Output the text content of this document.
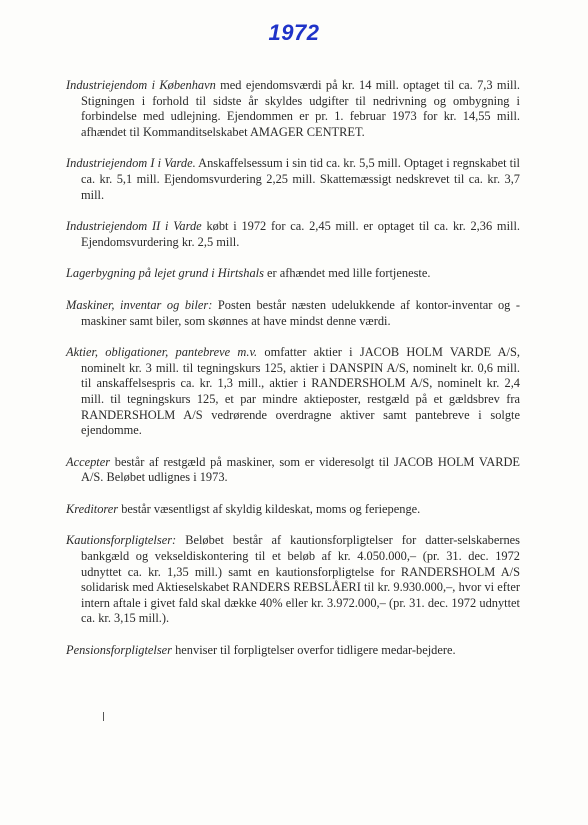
1972

Industriejendom i København med ejendomsværdi på kr. 14 mill. optaget til ca. 7,3 mill. Stigningen i forhold til sidste år skyldes udgifter til nedrivning og ombygning i forbindelse med udlejning. Ejendommen er pr. 1. februar 1973 for kr. 14,55 mill. afhændet til Kommanditselskabet AMAGER CENTRET.

Industriejendom I i Varde. Anskaffelsessum i sin tid ca. kr. 5,5 mill. Optaget i regnskabet til ca. kr. 5,1 mill. Ejendomsvurdering 2,25 mill. Skattemæssigt nedskrevet til ca. kr. 3,7 mill.

Industriejendom II i Varde købt i 1972 for ca. 2,45 mill. er optaget til ca. kr. 2,36 mill. Ejendomsvurdering kr. 2,5 mill.

Lagerbygning på lejet grund i Hirtshals er afhændet med lille fortjeneste.

Maskiner, inventar og biler: Posten består næsten udelukkende af kontor-inventar og -maskiner samt biler, som skønnes at have mindst denne værdi.

Aktier, obligationer, pantebreve m.v. omfatter aktier i JACOB HOLM VARDE A/S, nominelt kr. 3 mill. til tegningskurs 125, aktier i DANSPIN A/S, nominelt kr. 0,6 mill. til anskaffelsespris ca. kr. 1,3 mill., aktier i RANDERSHOLM A/S, nominelt kr. 2,4 mill. til tegningskurs 125, et par mindre aktieposter, restgæld på et gældsbrev fra RANDERSHOLM A/S vedrørende overdragne aktiver samt pantebreve i solgte ejendomme.

Accepter består af restgæld på maskiner, som er videresolgt til JACOB HOLM VARDE A/S. Beløbet udlignes i 1973.

Kreditorer består væsentligst af skyldig kildeskat, moms og feriepenge.

Kautionsforpligtelser: Beløbet består af kautionsforpligtelser for datter-selskabernes bankgæld og vekseldiskontering til et beløb af kr. 4.050.000,– (pr. 31. dec. 1972 udnyttet ca. kr. 1,35 mill.) samt en kautionsforpligtelse for RANDERSHOLM A/S solidarisk med Aktieselskabet RANDERS REBSLÅERI til kr. 9.930.000,–, hvor vi efter intern aftale i givet fald skal dække 40% eller kr. 3.972.000,– (pr. 31. dec. 1972 udnyttet ca. kr. 3,15 mill.).

Pensionsforpligtelser henviser til forpligtelser overfor tidligere medar-bejdere.
